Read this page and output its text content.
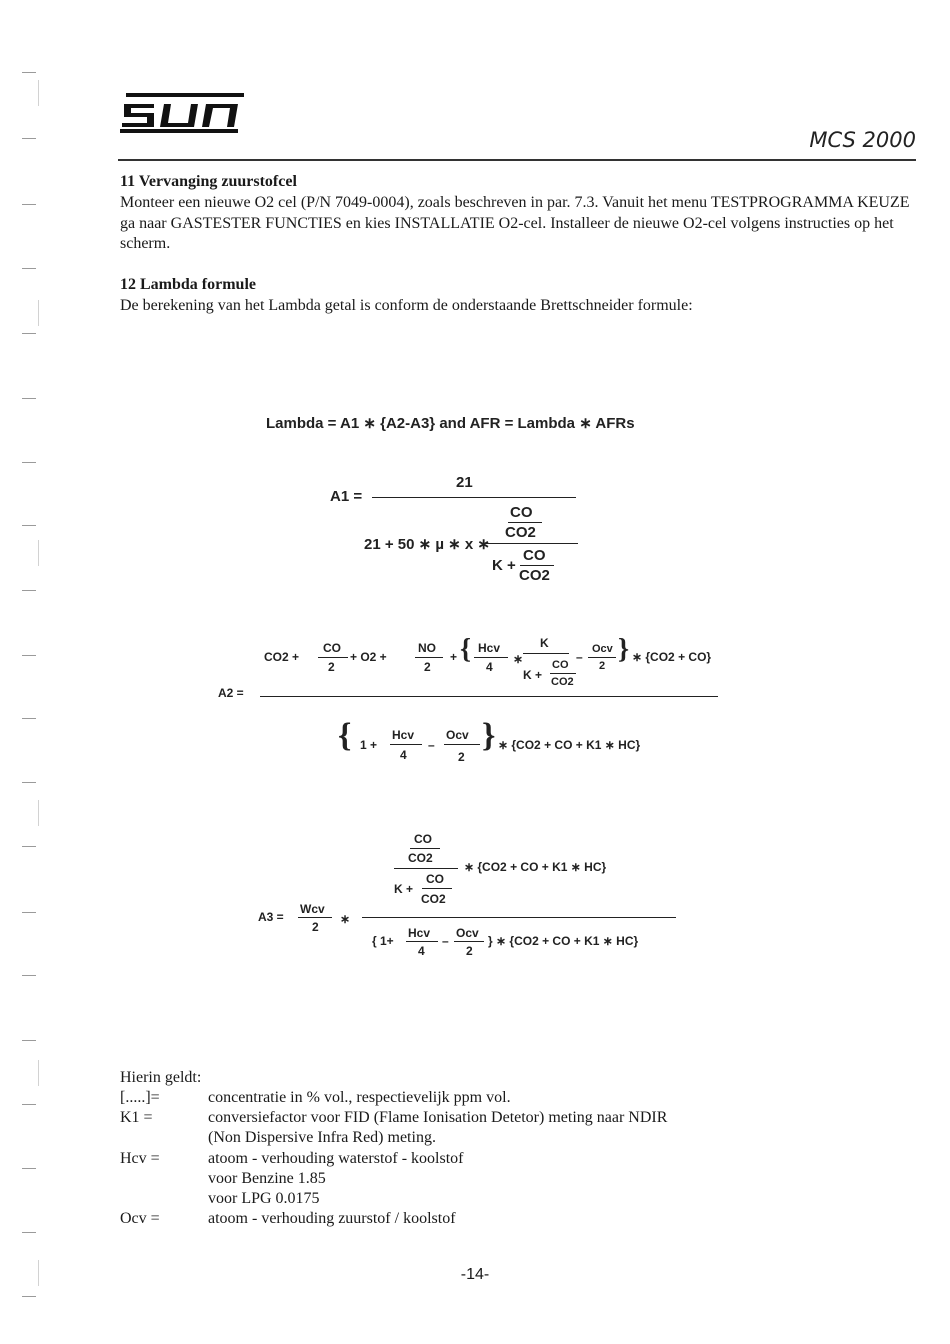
SUN
MCS 2000
11 Vervanging zuurstofcel
Monteer een nieuwe O2 cel (P/N 7049-0004), zoals beschreven in par. 7.3. Vanuit het menu TESTPROGRAMMA KEUZE ga naar GASTESTER FUNCTIES en kies INSTALLATIE O2-cel. Installeer de nieuwe O2-cel volgens instructies op het scherm.
12 Lambda formule
De berekening van het Lambda getal is conform de onderstaande Brettschneider formule:
Lambda = A1 ∗ {A2-A3} and AFR = Lambda ∗ AFRs
A1 =
21
CO
CO2
21 + 50 ∗ µ ∗ x ∗
K +
CO
CO2
A2 =
CO2 +
CO
2
+ O2 +
NO
2
+ { Hcv
4
∗
K
K +
CO
CO2
–
Ocv
2
} ∗ {CO2 + CO}
{ 1 +
Hcv
4
–
Ocv
2
} ∗ {CO2 + CO + K1 ∗ HC}
A3 =
Wcv
2
∗
CO
CO2
K +
CO
CO2
∗ {CO2 + CO + K1 ∗ HC}
{ 1+
Hcv
4
–
Ocv
2
} ∗ {CO2 + CO + K1 ∗ HC}
Hierin geldt:
[.....]=	concentratie in % vol., respectievelijk ppm vol.
K1 =	conversiefactor voor FID (Flame Ionisation Detetor) meting naar NDIR
(Non Dispersive Infra Red) meting.
Hcv =	atoom - verhouding waterstof - koolstof
voor Benzine 1.85
voor LPG 0.0175
Ocv =	atoom - verhouding zuurstof / koolstof
-14-
